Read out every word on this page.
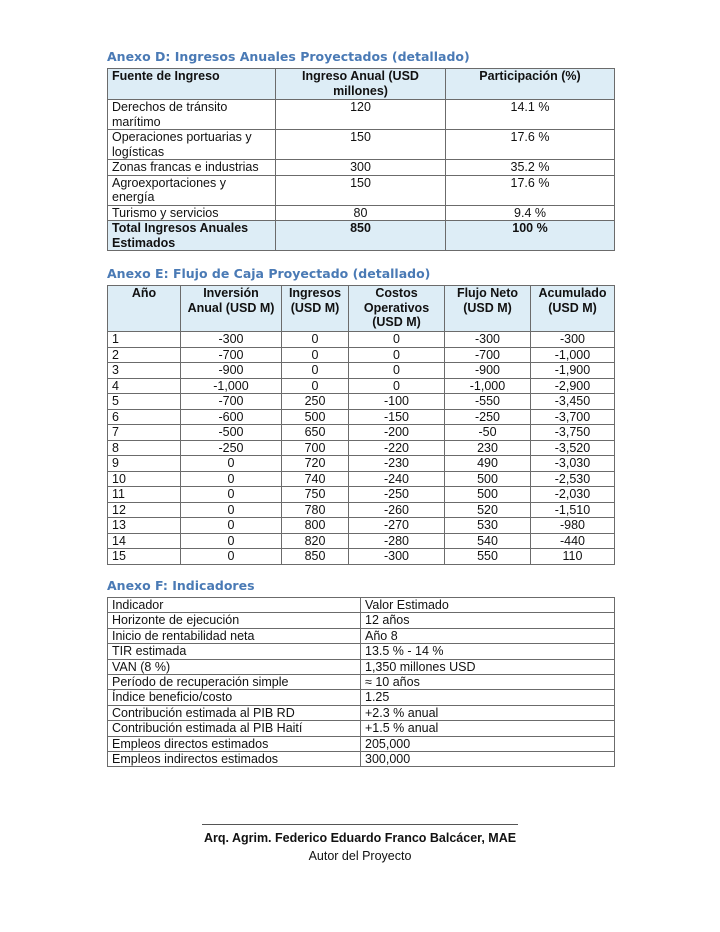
Anexo D: Ingresos Anuales Proyectados (detallado)
Fuente de Ingreso	Ingreso Anual (USD millones)	Participación (%)
Derechos de tránsito marítimo	120	14.1 %
Operaciones portuarias y logísticas	150	17.6 %
Zonas francas e industrias	300	35.2 %
Agroexportaciones y energía	150	17.6 %
Turismo y servicios	80	9.4 %
Total Ingresos Anuales Estimados	850	100 %
Anexo E: Flujo de Caja Proyectado (detallado)
Año	Inversión Anual (USD M)	Ingresos (USD M)	Costos Operativos (USD M)	Flujo Neto (USD M)	Acumulado (USD M)
1	-300	0	0	-300	-300
2	-700	0	0	-700	-1,000
3	-900	0	0	-900	-1,900
4	-1,000	0	0	-1,000	-2,900
5	-700	250	-100	-550	-3,450
6	-600	500	-150	-250	-3,700
7	-500	650	-200	-50	-3,750
8	-250	700	-220	230	-3,520
9	0	720	-230	490	-3,030
10	0	740	-240	500	-2,530
11	0	750	-250	500	-2,030
12	0	780	-260	520	-1,510
13	0	800	-270	530	-980
14	0	820	-280	540	-440
15	0	850	-300	550	110
Anexo F: Indicadores
Indicador	Valor Estimado
Horizonte de ejecución	12 años
Inicio de rentabilidad neta	Año 8
TIR estimada	13.5 % - 14 %
VAN (8 %)	1,350 millones USD
Período de recuperación simple	≈ 10 años
Índice beneficio/costo	1.25
Contribución estimada al PIB RD	+2.3 % anual
Contribución estimada al PIB Haití	+1.5 % anual
Empleos directos estimados	205,000
Empleos indirectos estimados	300,000
Arq. Agrim. Federico Eduardo Franco Balcácer, MAE
Autor del Proyecto
